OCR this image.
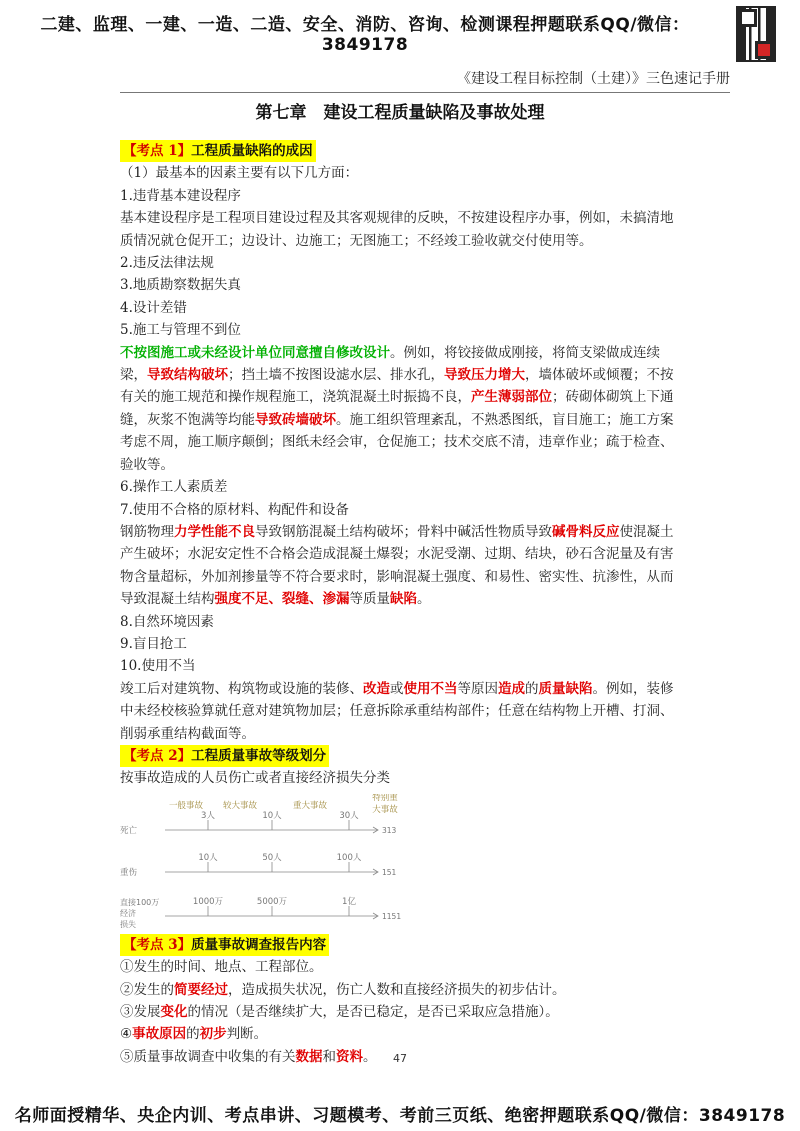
二建、监理、一建、一造、二造、安全、消防、咨询、检测课程押题联系QQ/微信：3849178
《建设工程目标控制（土建）》三色速记手册
第七章　建设工程质量缺陷及事故处理

【考点 1】工程质量缺陷的成因

（1）最基本的因素主要有以下几方面：

1.违背基本建设程序

基本建设程序是工程项目建设过程及其客观规律的反映，不按建设程序办事，例如，未搞清地质情况就仓促开工；边设计、边施工；无图施工；不经竣工验收就交付使用等。

2.违反法律法规

3.地质勘察数据失真

4.设计差错

5.施工与管理不到位

不按图施工或未经设计单位同意擅自修改设计。例如，将铰接做成刚接，将简支梁做成连续梁，导致结构破坏；挡土墙不按图设滤水层、排水孔，导致压力增大，墙体破坏或倾覆；不按有关的施工规范和操作规程施工，浇筑混凝土时振捣不良，产生薄弱部位；砖砌体砌筑上下通缝，灰浆不饱满等均能导致砖墙破坏。施工组织管理紊乱，不熟悉图纸，盲目施工；施工方案考虑不周，施工顺序颠倒；图纸未经会审，仓促施工；技术交底不清，违章作业；疏于检查、验收等。

6.操作工人素质差

7.使用不合格的原材料、构配件和设备

钢筋物理力学性能不良导致钢筋混凝土结构破坏；骨料中碱活性物质导致碱骨料反应使混凝土产生破坏；水泥安定性不合格会造成混凝土爆裂；水泥受潮、过期、结块，砂石含泥量及有害物含量超标，外加剂掺量等不符合要求时，影响混凝土强度、和易性、密实性、抗渗性，从而导致混凝土结构强度不足、裂缝、渗漏等质量缺陷。

8.自然环境因素

9.盲目抢工

10.使用不当

竣工后对建筑物、构筑物或设施的装修、改造或使用不当等原因造成的质量缺陷。例如，装修中未经校核验算就任意对建筑物加层；任意拆除承重结构部件；任意在结构物上开槽、打洞、削弱承重结构截面等。

【考点 2】工程质量事故等级划分

按事故造成的人员伤亡或者直接经济损失分类

一般事故 较大事故	重大事故
特别重
大事故
313
死亡
3人	10人	30人
151
重伤
10人	50人	100人
1151
直接100万
经济
损失
1000万	5000万	1亿

【考点 3】质量事故调查报告内容

①发生的时间、地点、工程部位。

②发生的简要经过，造成损失状况，伤亡人数和直接经济损失的初步估计。

③发展变化的情况（是否继续扩大，是否已稳定，是否已采取应急措施）。

④事故原因的初步判断。

⑤质量事故调查中收集的有关数据和资料。	47
名师面授精华、央企内训、考点串讲、习题模考、考前三页纸、绝密押题联系QQ/微信：3849178
